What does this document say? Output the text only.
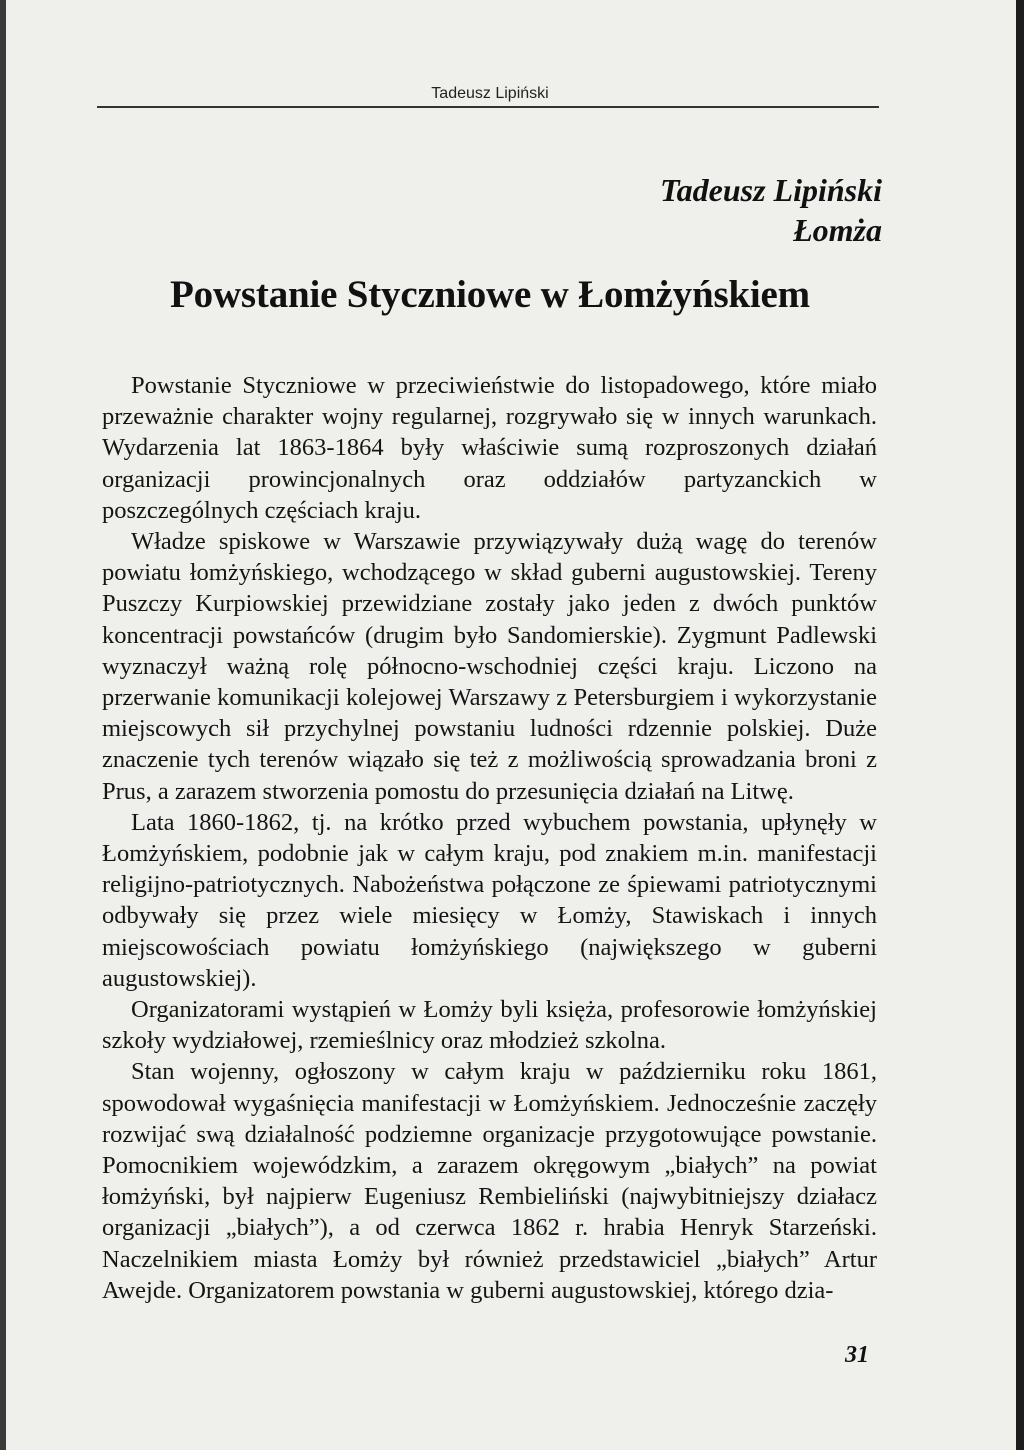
Tadeusz Lipiński
Tadeusz Lipiński
Łomża
Powstanie Styczniowe w Łomżyńskiem

Powstanie Styczniowe w przeciwieństwie do listopadowego, które miało przeważnie charakter wojny regularnej, rozgrywało się w innych warunkach. Wydarzenia lat 1863-1864 były właściwie sumą rozproszonych działań organizacji prowincjonalnych oraz oddziałów partyzanckich w poszczególnych częściach kraju.

Władze spiskowe w Warszawie przywiązywały dużą wagę do terenów powiatu łomżyńskiego, wchodzącego w skład guberni augustowskiej. Tereny Puszczy Kurpiowskiej przewidziane zostały jako jeden z dwóch punktów koncentracji powstańców (drugim było Sandomierskie). Zygmunt Padlewski wyznaczył ważną rolę północno-wschodniej części kraju. Liczono na przerwanie komunikacji kolejowej Warszawy z Petersburgiem i wykorzystanie miejscowych sił przychylnej powstaniu ludności rdzennie polskiej. Duże znaczenie tych terenów wiązało się też z możliwością sprowadzania broni z Prus, a zarazem stworzenia pomostu do przesunięcia działań na Litwę.

Lata 1860-1862, tj. na krótko przed wybuchem powstania, upłynęły w Łomżyńskiem, podobnie jak w całym kraju, pod znakiem m.in. manifestacji religijno-patriotycznych. Nabożeństwa połączone ze śpiewami patriotycznymi odbywały się przez wiele miesięcy w Łomży, Stawiskach i innych miejscowościach powiatu łomżyńskiego (największego w guberni augustowskiej).

Organizatorami wystąpień w Łomży byli księża, profesorowie łomżyńskiej szkoły wydziałowej, rzemieślnicy oraz młodzież szkolna.

Stan wojenny, ogłoszony w całym kraju w październiku roku 1861, spowodował wygaśnięcia manifestacji w Łomżyńskiem. Jednocześnie zaczęły rozwijać swą działalność podziemne organizacje przygotowujące powstanie. Pomocnikiem wojewódzkim, a zarazem okręgowym „białych” na powiat łomżyński, był najpierw Eugeniusz Rembieliński (najwybitniejszy działacz organizacji „białych”), a od czerwca 1862 r. hrabia Henryk Starzeński. Naczelnikiem miasta Łomży był również przedstawiciel „białych” Artur Awejde. Organizatorem powstania w guberni augustowskiej, którego dzia-

31
